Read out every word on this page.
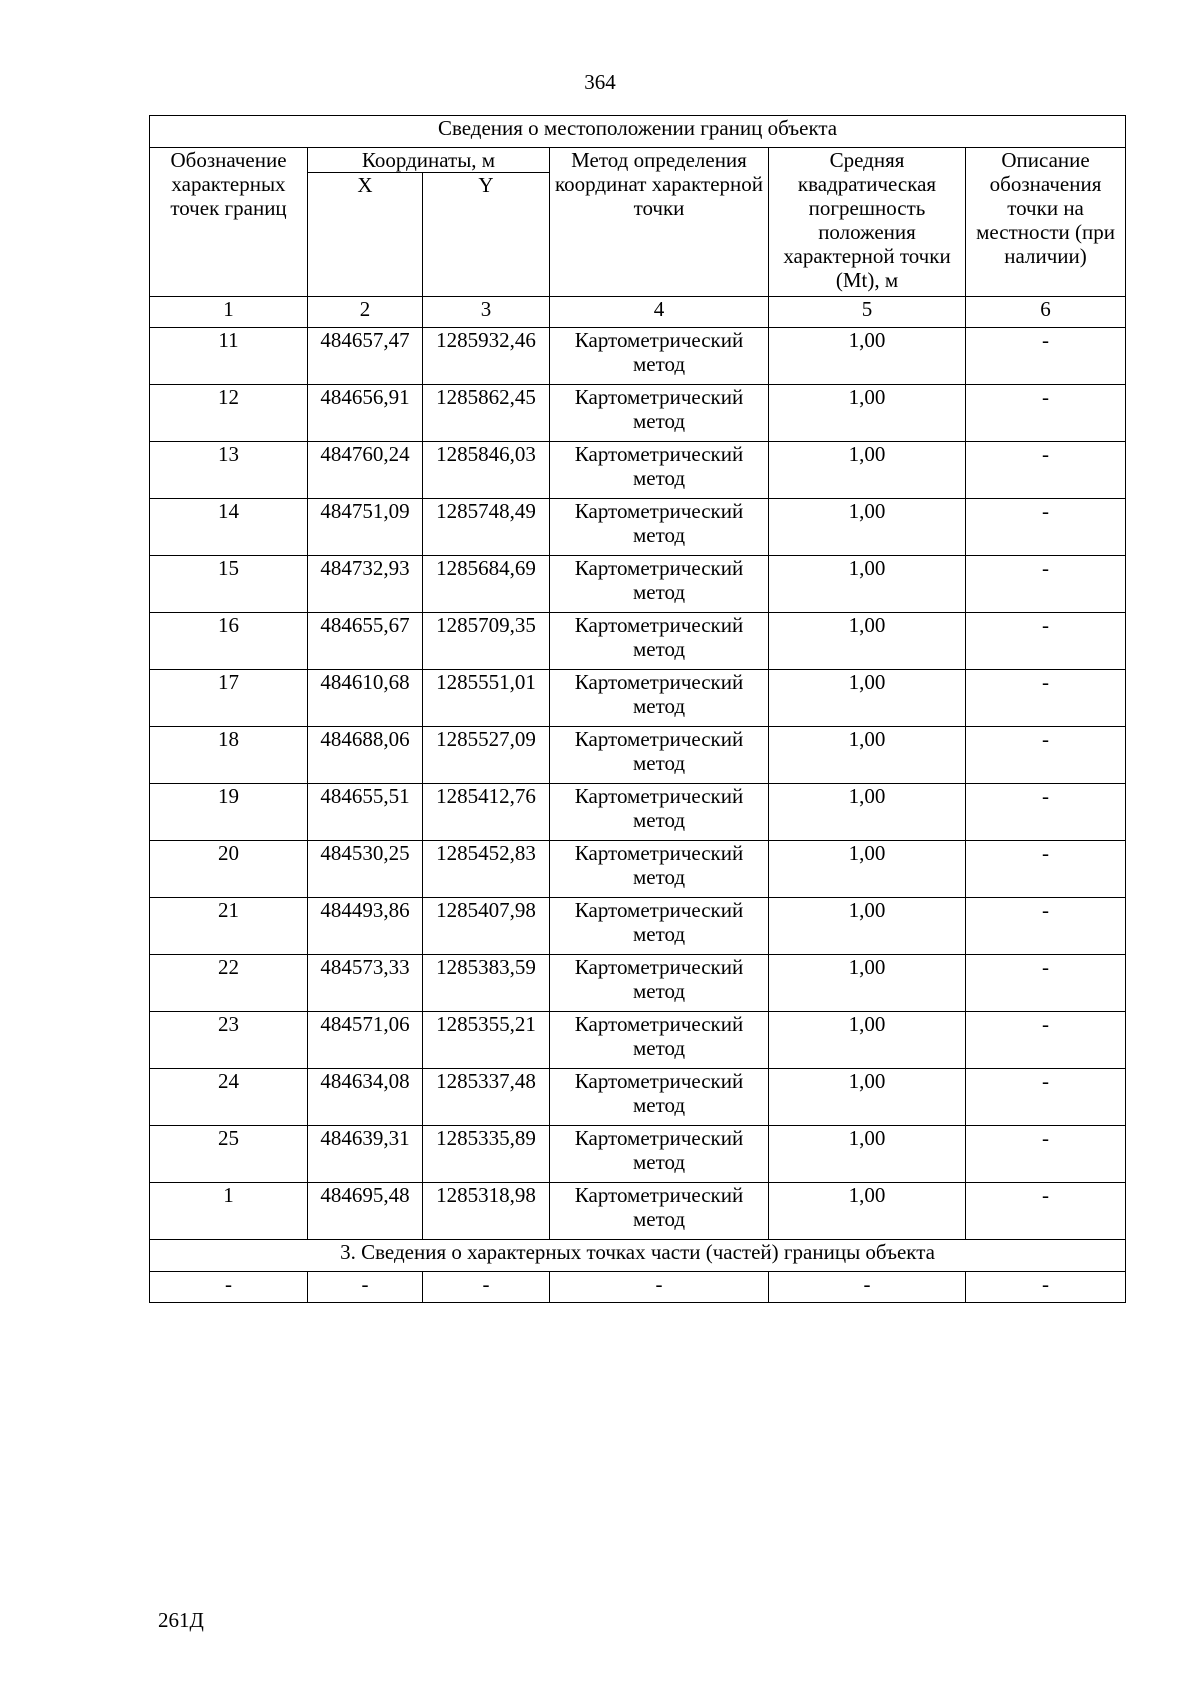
364
Сведения о местоположении границ объекта					
Обозначение характерных точек границ	Координаты, м		Метод определения координат характерной точки	Средняя квадратическая погрешность положения характерной точки (Mt), м	Описание обозначения точки на местности (при наличии)
	X	Y			
1	2	3	4	5	6
11	484657,47	1285932,46	Картометрический метод	1,00	-
12	484656,91	1285862,45	Картометрический метод	1,00	-
13	484760,24	1285846,03	Картометрический метод	1,00	-
14	484751,09	1285748,49	Картометрический метод	1,00	-
15	484732,93	1285684,69	Картометрический метод	1,00	-
16	484655,67	1285709,35	Картометрический метод	1,00	-
17	484610,68	1285551,01	Картометрический метод	1,00	-
18	484688,06	1285527,09	Картометрический метод	1,00	-
19	484655,51	1285412,76	Картометрический метод	1,00	-
20	484530,25	1285452,83	Картометрический метод	1,00	-
21	484493,86	1285407,98	Картометрический метод	1,00	-
22	484573,33	1285383,59	Картометрический метод	1,00	-
23	484571,06	1285355,21	Картометрический метод	1,00	-
24	484634,08	1285337,48	Картометрический метод	1,00	-
25	484639,31	1285335,89	Картометрический метод	1,00	-
1	484695,48	1285318,98	Картометрический метод	1,00	-
3. Сведения о характерных точках части (частей) границы объекта					
-	-	-	-	-	-
261Д
